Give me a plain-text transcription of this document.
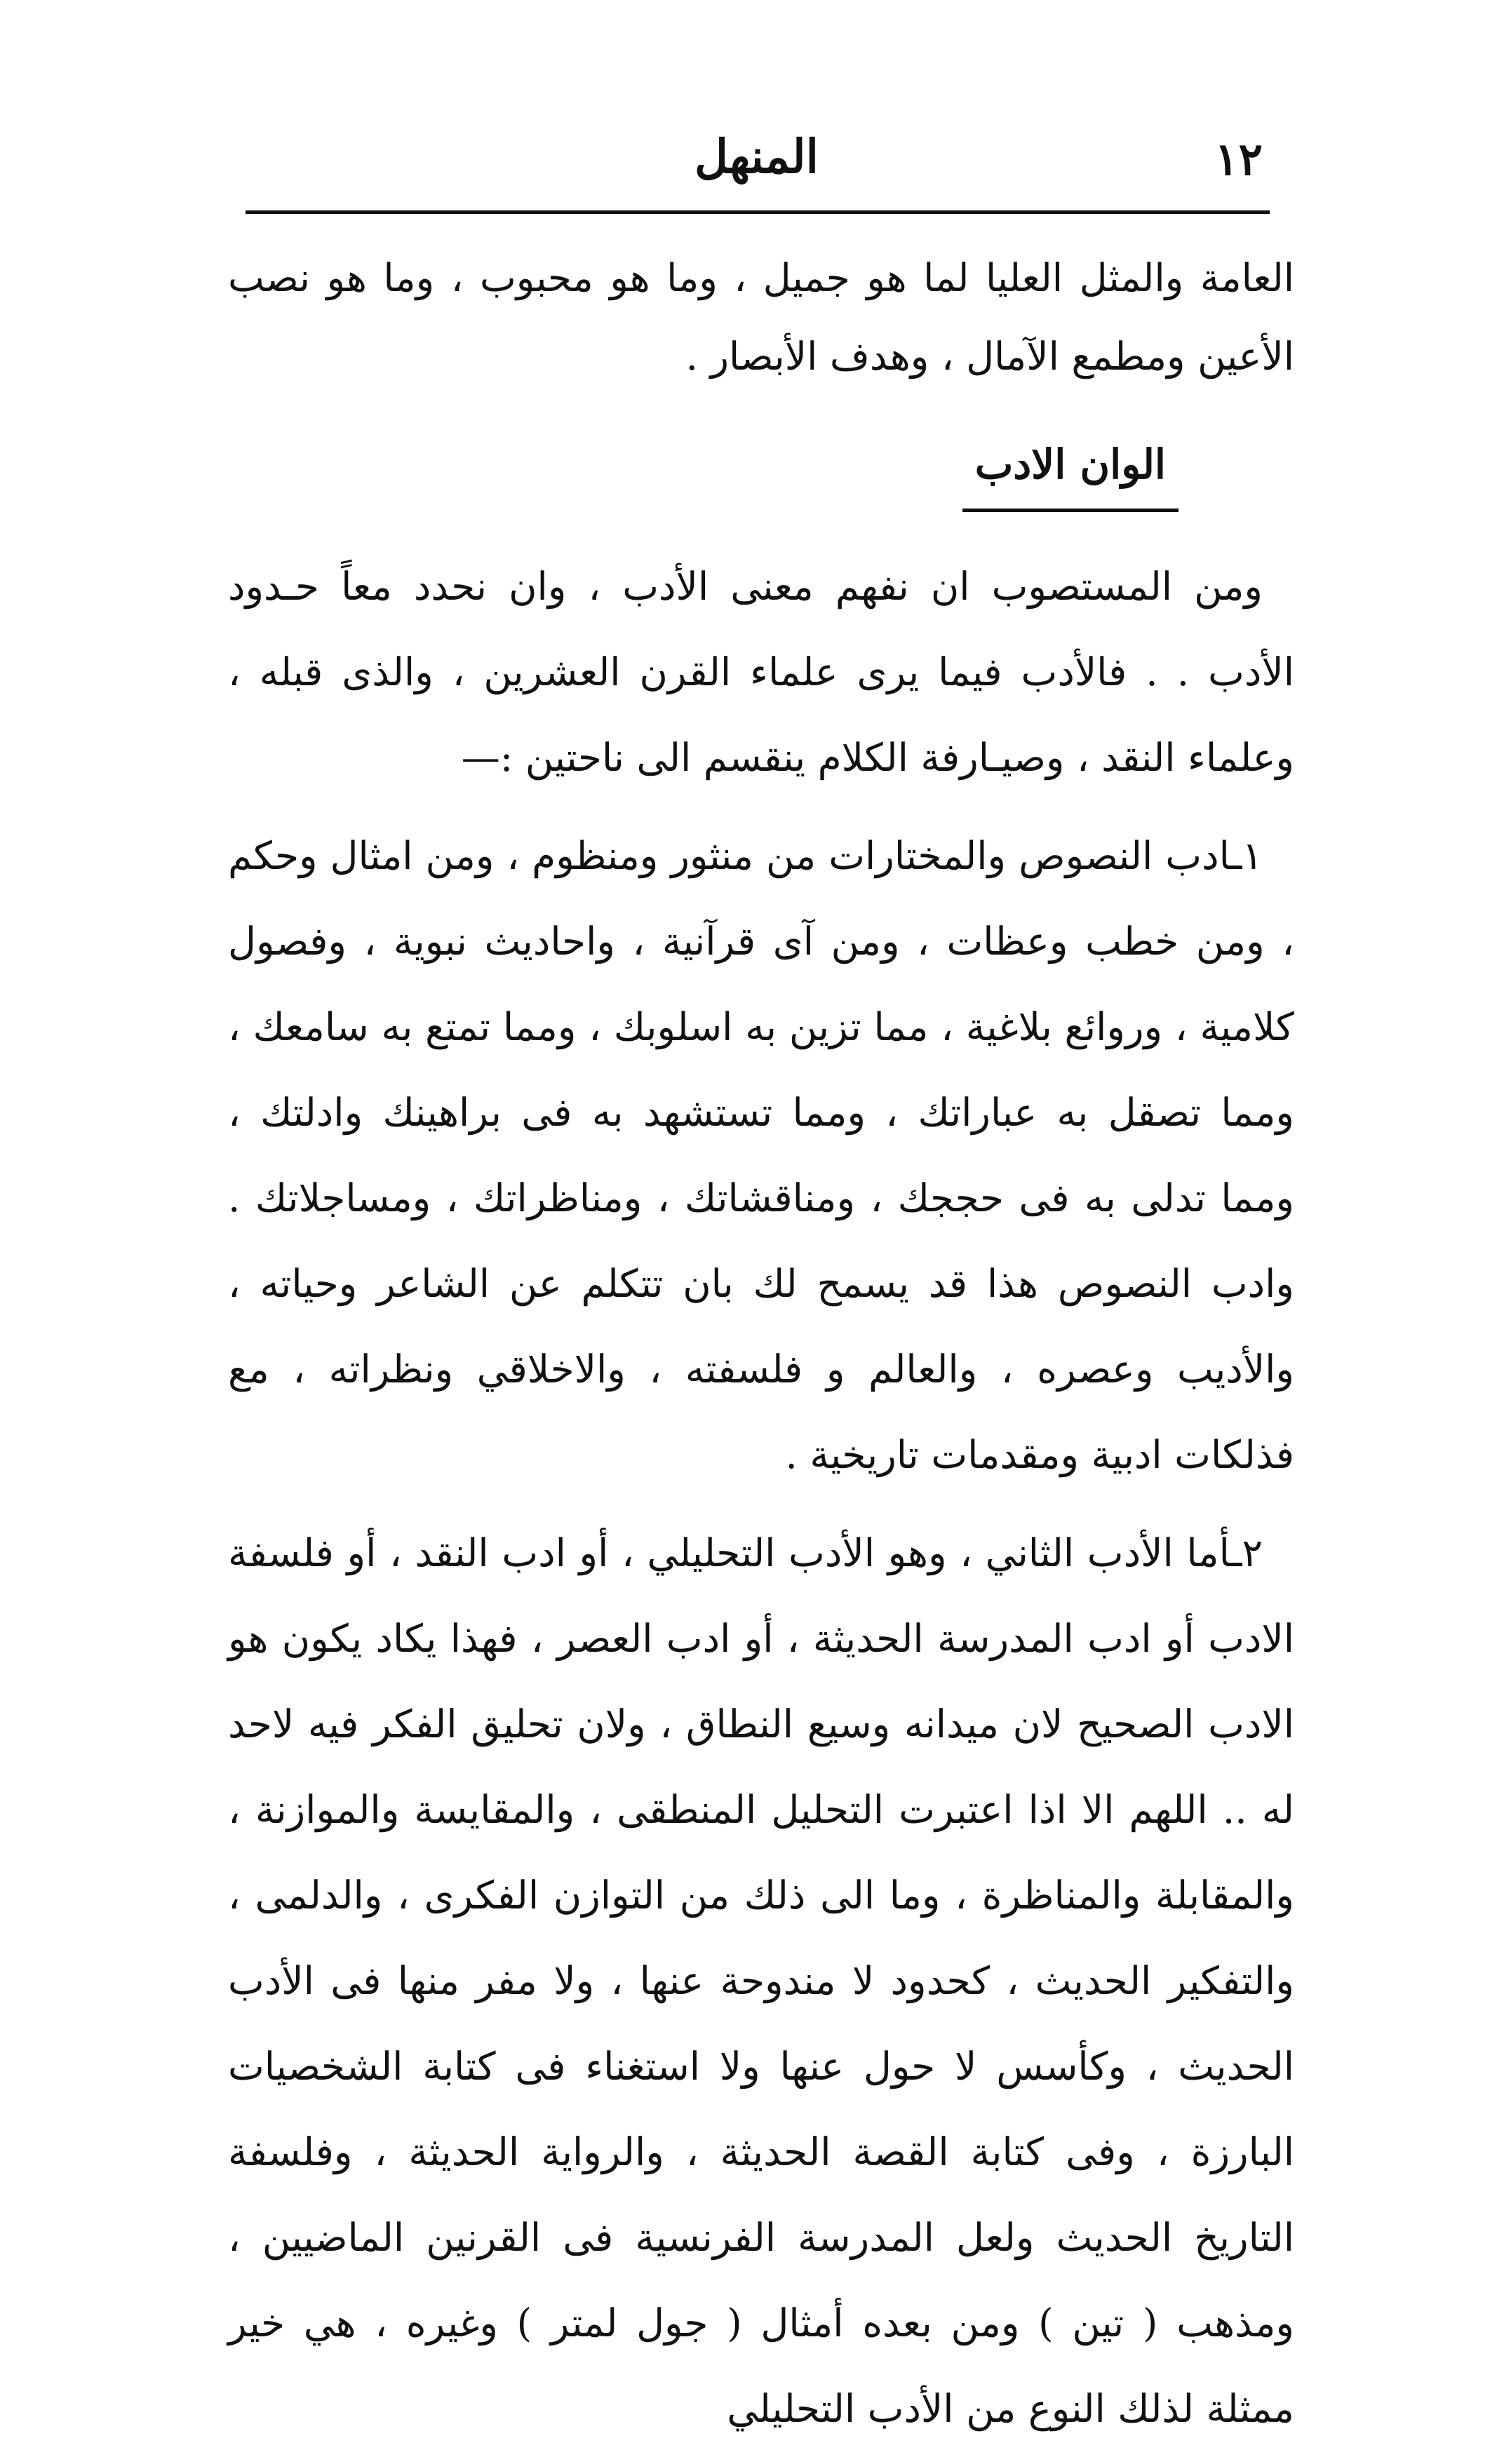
١٢
المنهل

العامة والمثل العليا لما هو جميل ، وما هو محبوب ، وما هو نصب الأعين ومطمع الآمال ، وهدف الأبصار .

الوان الادب

ومن المستصوب ان نفهم معنى الأدب ، وان نحدد معاً حـدود الأدب . . فالأدب فيما يرى علماء القرن العشرين ، والذى قبله ، وعلماء النقد ، وصيـارفة الكلام ينقسم الى ناحتين :—

١ـادب النصوص والمختارات من منثور ومنظوم ، ومن امثال وحكم ، ومن خطب وعظات ، ومن آى قرآنية ، واحاديث نبوية ، وفصول كلامية ، وروائع بلاغية ، مما تزين به اسلوبك ، ومما تمتع به سامعك ، ومما تصقل به عباراتك ، ومما تستشهد به فى براهينك وادلتك ، ومما تدلى به فى حججك ، ومناقشاتك ، ومناظراتك ، ومساجلاتك . وادب النصوص هذا قد يسمح لك بان تتكلم عن الشاعر وحياته ، والأديب وعصره ، والعالم و فلسفته ، والاخلاقي ونظراته ، مع فذلكات ادبية ومقدمات تاريخية .

٢ـأما الأدب الثاني ، وهو الأدب التحليلي ، أو ادب النقد ، أو فلسفة الادب أو ادب المدرسة الحديثة ، أو ادب العصر ، فهذا يكاد يكون هو الادب الصحيح لان ميدانه وسيع النطاق ، ولان تحليق الفكر فيه لاحد له .. اللهم الا اذا اعتبرت التحليل المنطقى ، والمقايسة والموازنة ، والمقابلة والمناظرة ، وما الى ذلك من التوازن الفكرى ، والدلمى ، والتفكير الحديث ، كحدود لا مندوحة عنها ، ولا مفر منها فى الأدب الحديث ، وكأسس لا حول عنها ولا استغناء فى كتابة الشخصيات البارزة ، وفى كتابة القصة الحديثة ، والرواية الحديثة ، وفلسفة التاريخ الحديث ولعل المدرسة الفرنسية فى القرنين الماضيين ، ومذهب ( تين ) ومن بعده أمثال ( جول لمتر ) وغيره ، هي خير ممثلة لذلك النوع من الأدب التحليلي
